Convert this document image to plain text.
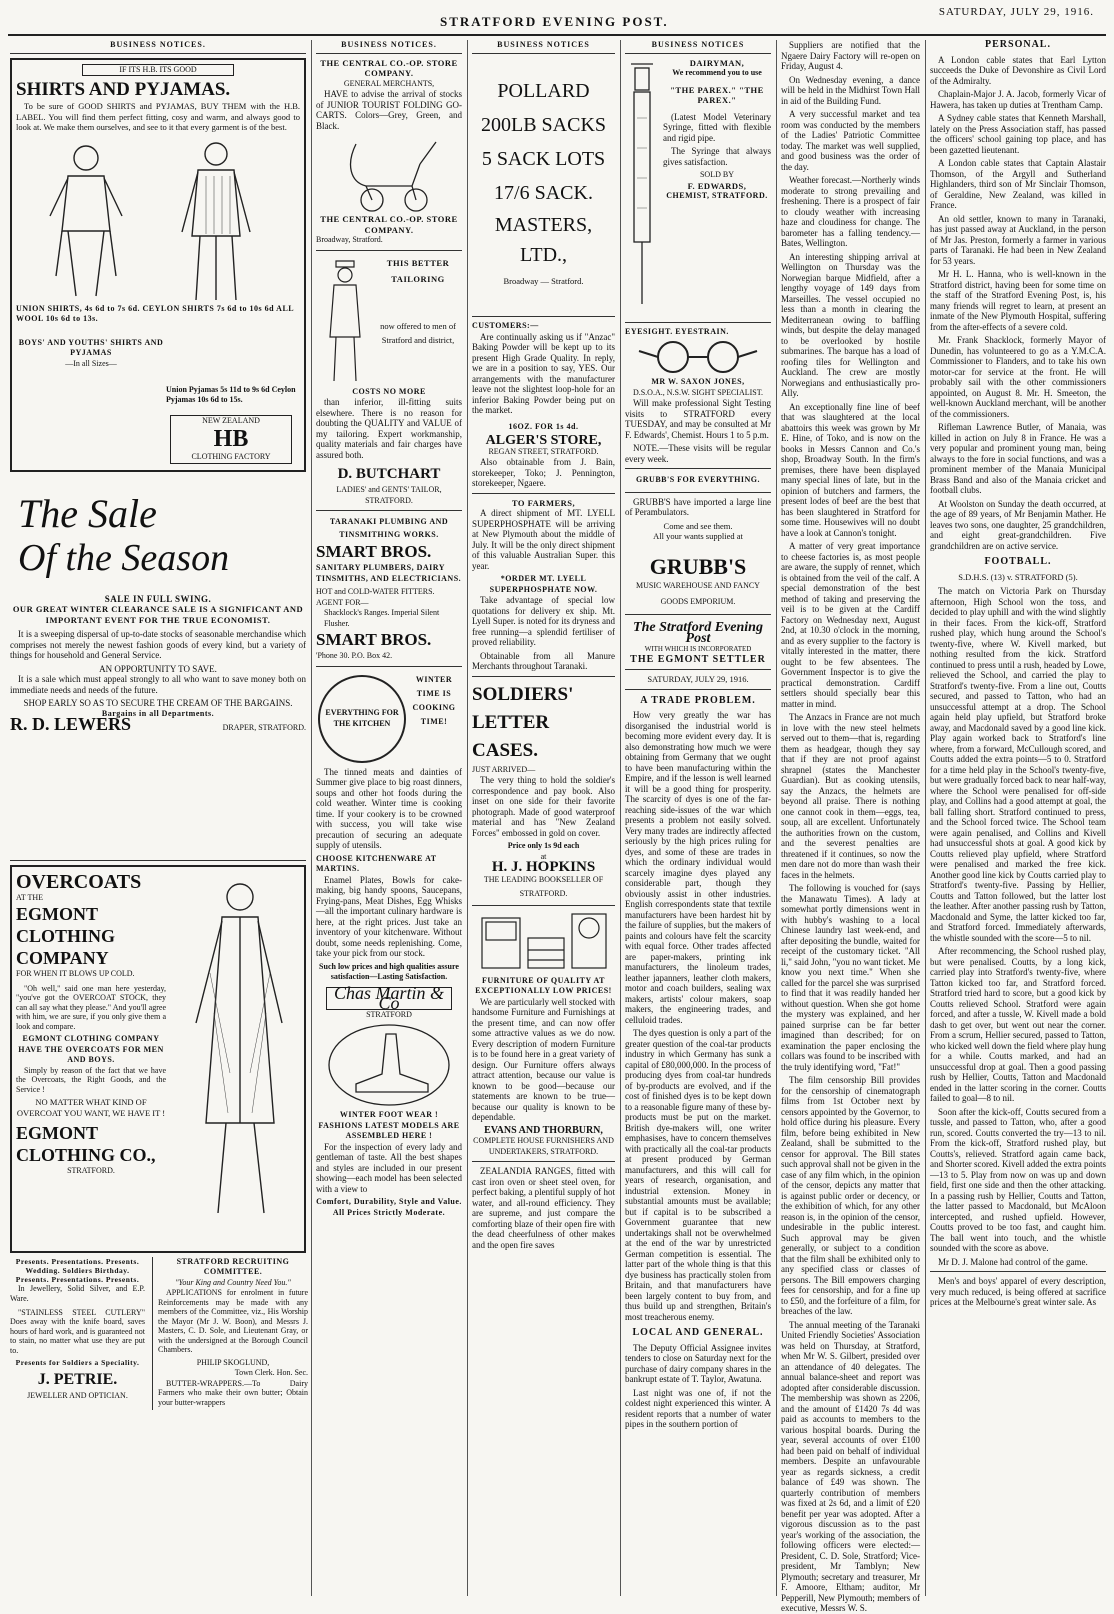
STRATFORD EVENING POST.
SATURDAY, JULY 29, 1916.
BUSINESS NOTICES.
IF ITS H.B. ITS GOOD
SHIRTS AND PYJAMAS.

To be sure of GOOD SHIRTS and PYJAMAS, BUY THEM with the H.B. LABEL. You will find them perfect fitting, cosy and warm, and always good to look at. We make them ourselves, and see to it that every garment is of the best.

UNION SHIRTS, 4s 6d to 7s 6d. CEYLON SHIRTS 7s 6d to 10s 6d ALL WOOL 10s 6d to 13s.
Union Pyjamas 5s 11d to 9s 6d Ceylon Pyjamas 10s 6d to 15s.
BOYS' AND YOUTHS' SHIRTS AND PYJAMAS
—In all Sizes—
NEW ZEALAND
HB
CLOTHING FACTORY
The Sale
Of the Season
SALE IN FULL SWING.
OUR GREAT WINTER CLEARANCE SALE IS A SIGNIFICANT AND IMPORTANT EVENT FOR THE TRUE ECONOMIST.

It is a sweeping dispersal of up-to-date stocks of seasonable merchandise which comprises not merely the newest fashion goods of every kind, but a variety of things for household and General Service.

AN OPPORTUNITY TO SAVE.

It is a sale which must appeal strongly to all who want to save money both on immediate needs and needs of the future.

SHOP EARLY SO AS TO SECURE THE CREAM OF THE BARGAINS.
Bargains in all Departments.
R. D. LEWERS	DRAPER, STRATFORD.
OVERCOATS
AT THE
EGMONT CLOTHING COMPANY
FOR WHEN IT BLOWS UP COLD.

"Oh well," said one man here yesterday, "you've got the OVERCOAT STOCK, they can all say what they please." And you'll agree with him, we are sure, if you only give them a look and compare.

EGMONT CLOTHING COMPANY HAVE THE OVERCOATS FOR MEN AND BOYS.

Simply by reason of the fact that we have the Overcoats, the Right Goods, and the Service !

NO MATTER WHAT KIND OF OVERCOAT YOU WANT, WE HAVE IT !
EGMONT CLOTHING CO.,
STRATFORD.
Presents. Presentations. Presents. Wedding. Soldiers Birthday. Presents. Presentations. Presents.

In Jewellery, Solid Silver, and E.P. Ware.

"STAINLESS STEEL CUTLERY" Does away with the knife board, saves hours of hard work, and is guaranteed not to stain, no matter what use they are put to.

Presents for Soldiers a Speciality.
J. PETRIE.
JEWELLER AND OPTICIAN.
STRATFORD RECRUITING COMMITTEE.
"Your King and Country Need You."

APPLICATIONS for enrolment in future Reinforcements may be made with any members of the Committee, viz., His Worship the Mayor (Mr J. W. Boon), and Messrs J. Masters, C. D. Sole, and Lieutenant Gray, or with the undersigned at the Borough Council Chambers.

PHILIP SKOGLUND,
Town Clerk. Hon. Sec.

BUTTER-WRAPPERS.—To Dairy Farmers who make their own butter; Obtain your butter-wrappers

BUSINESS NOTICES.
THE CENTRAL CO.-OP. STORE COMPANY.
GENERAL MERCHANTS,

HAVE to advise the arrival of stocks of JUNIOR TOURIST FOLDING GO-CARTS. Colors—Grey, Green, and Black.

THE CENTRAL CO.-OP. STORE COMPANY.
Broadway, Stratford.
THIS BETTER TAILORING
now offered to men of Stratford and district,
COSTS NO MORE

than inferior, ill-fitting suits elsewhere. There is no reason for doubting the QUALITY and VALUE of my tailoring. Expert workmanship, quality materials and fair charges have assured both.

D. BUTCHART
LADIES' and GENTS' TAILOR, STRATFORD.
TARANAKI PLUMBING AND TINSMITHING WORKS.
SMART BROS.
SANITARY PLUMBERS, DAIRY TINSMITHS, AND ELECTRICIANS.
HOT and COLD-WATER FITTERS.
AGENT FOR—
Shacklock's Ranges. Imperial Silent Flusher.
SMART BROS.
'Phone 30. P.O. Box 42.
EVERYTHING FOR THE KITCHEN
WINTER TIME IS COOKING TIME!

The tinned meats and dainties of Summer give place to big roast dinners, soups and other hot foods during the cold weather. Winter time is cooking time. If your cookery is to be crowned with success, you will take wise precaution of securing an adequate supply of utensils.

CHOOSE KITCHENWARE AT MARTINS.

Enamel Plates, Bowls for cake-making, big handy spoons, Saucepans, Frying-pans, Meat Dishes, Egg Whisks—all the important culinary hardware is here, at the right prices. Just take an inventory of your kitchenware. Without doubt, some needs replenishing. Come, take your pick from our stock.

Such low prices and high qualities assure satisfaction—Lasting Satisfaction.
Chas Martin & Co
STRATFORD
WINTER FOOT WEAR !
FASHIONS LATEST MODELS ARE ASSEMBLED HERE !

For the inspection of every lady and gentleman of taste. All the best shapes and styles are included in our present showing—each model has been selected with a view to

Comfort, Durability, Style and Value.
All Prices Strictly Moderate.
BUSINESS NOTICES
POLLARD
200LB SACKS
5 SACK LOTS
17/6 SACK.
MASTERS, LTD.,
Broadway — Stratford.
CUSTOMERS:—

Are continually asking us if "Anzac" Baking Powder will be kept up to its present High Grade Quality. In reply, we are in a position to say, YES. Our arrangements with the manufacturer leave not the slightest loop-hole for an inferior Baking Powder being put on the market.

16OZ. FOR 1s 4d.
ALGER'S STORE,
REGAN STREET, STRATFORD.

Also obtainable from J. Bain, storekeeper, Toko; J. Pennington, storekeeper, Ngaere.

TO FARMERS,

A direct shipment of MT. LYELL SUPERPHOSPHATE will be arriving at New Plymouth about the middle of July. It will be the only direct shipment of this valuable Australian Super. this year.

*ORDER MT. LYELL SUPERPHOSPHATE NOW.

Take advantage of special low quotations for delivery ex ship. Mt. Lyell Super. is noted for its dryness and free running—a splendid fertiliser of proved reliability.

Obtainable from all Manure Merchants throughout Taranaki.

SOLDIERS' LETTER CASES.
JUST ARRIVED—

The very thing to hold the soldier's correspondence and pay book. Also inset on one side for their favorite photograph. Made of good waterproof material and has "New Zealand Forces" embossed in gold on cover.

Price only 1s 9d each
at
H. J. HOPKINS
THE LEADING BOOKSELLER OF STRATFORD.
FURNITURE OF QUALITY AT EXCEPTIONALLY LOW PRICES!

We are particularly well stocked with handsome Furniture and Furnishings at the present time, and can now offer some attractive values as we do now. Every description of modern Furniture is to be found here in a great variety of design. Our Furniture offers always attract attention, because our value is known to be good—because our statements are known to be true—because our quality is known to be dependable.

EVANS AND THORBURN,
COMPLETE HOUSE FURNISHERS AND UNDERTAKERS, STRATFORD.

ZEALANDIA RANGES, fitted with cast iron oven or sheet steel oven, for perfect baking, a plentiful supply of hot water, and all-round efficiency. They are supreme, and just compare the comforting blaze of their open fire with the dead cheerfulness of other makes and the open fire saves

BUSINESS NOTICES
DAIRYMAN,
We recommend you to use
"THE PAREX." "THE PAREX."

(Latest Model Veterinary Syringe, fitted with flexible and rigid pipe.

The Syringe that always gives satisfaction.

SOLD BY
F. EDWARDS,
CHEMIST, STRATFORD.
EYESIGHT. EYESTRAIN.
MR W. SAXON JONES,
D.S.O.A., N.S.W. SIGHT SPECIALIST.

Will make professional Sight Testing visits to STRATFORD every TUESDAY, and may be consulted at Mr F. Edwards', Chemist. Hours 1 to 5 p.m.

NOTE.—These visits will be regular every week.

GRUBB'S FOR EVERYTHING.

GRUBB'S have imported a large line of Perambulators.

Come and see them.
All your wants supplied at
GRUBB'S
MUSIC WAREHOUSE AND FANCY GOODS EMPORIUM.
The Stratford Evening Post
WITH WHICH IS INCORPORATED
THE EGMONT SETTLER
SATURDAY, JULY 29, 1916.
A TRADE PROBLEM.

How very greatly the war has disorganised the industrial world is becoming more evident every day. It is also demonstrating how much we were obtaining from Germany that we ought to have been manufacturing within the Empire, and if the lesson is well learned it will be a good thing for prosperity. The scarcity of dyes is one of the far-reaching side-issues of the war which presents a problem not easily solved. Very many trades are indirectly affected seriously by the high prices ruling for dyes, and some of these are trades in which the ordinary individual would scarcely imagine dyes played any considerable part, though they obviously assist in other industries. English correspondents state that textile manufacturers have been hardest hit by the failure of supplies, but the makers of paints and colours have felt the scarcity with equal force. Other trades affected are paper-makers, printing ink manufacturers, the linoleum trades, leather japanners, leather cloth makers, motor and coach builders, sealing wax makers, artists' colour makers, soap makers, the engineering trades, and celluloid trades.

The dyes question is only a part of the greater question of the coal-tar products industry in which Germany has sunk a capital of £80,000,000. In the process of producing dyes from coal-tar hundreds of by-products are evolved, and if the cost of finished dyes is to be kept down to a reasonable figure many of these by-products must be put on the market. British dye-makers will, one writer emphasises, have to concern themselves with practically all the coal-tar products at present produced by German manufacturers, and this will call for years of research, organisation, and industrial extension. Money in substantial amounts must be available; but if capital is to be subscribed a Government guarantee that new undertakings shall not be overwhelmed at the end of the war by unrestricted German competition is essential. The latter part of the whole thing is that this dye business has practically stolen from Britain, and that manufacturers have been largely content to buy from, and thus build up and strengthen, Britain's most treacherous enemy.

LOCAL AND GENERAL.

The Deputy Official Assignee invites tenders to close on Saturday next for the purchase of dairy company shares in the bankrupt estate of T. Taylor, Awatuna.

Last night was one of, if not the coldest night experienced this winter. A resident reports that a number of water pipes in the southern portion of

Suppliers are notified that the Ngaere Dairy Factory will re-open on Friday, August 4.

On Wednesday evening, a dance will be held in the Midhirst Town Hall in aid of the Building Fund.

A very successful market and tea room was conducted by the members of the Ladies' Patriotic Committee today. The market was well supplied, and good business was the order of the day.

Weather forecast.—Northerly winds moderate to strong prevailing and freshening. There is a prospect of fair to cloudy weather with increasing haze and cloudiness for change. The barometer has a falling tendency.—Bates, Wellington.

An interesting shipping arrival at Wellington on Thursday was the Norwegian barque Midfield, after a lengthy voyage of 149 days from Marseilles. The vessel occupied no less than a month in clearing the Mediterranean owing to baffling winds, but despite the delay managed to be overlooked by hostile submarines. The barque has a load of roofing tiles for Wellington and Auckland. The crew are mostly Norwegians and enthusiastically pro-Ally.

An exceptionally fine line of beef that was slaughtered at the local abattoirs this week was grown by Mr E. Hine, of Toko, and is now on the books in Messrs Cannon and Co.'s shop, Broadway South. In the firm's premises, there have been displayed many special lines of late, but in the opinion of butchers and farmers, the present lodes of beef are the best that has been slaughtered in Stratford for some time. Housewives will no doubt have a look at Cannon's tonight.

A matter of very great importance to cheese factories is, as most people are aware, the supply of rennet, which is obtained from the veil of the calf. A special demonstration of the best method of taking and preserving the veil is to be given at the Cardiff Factory on Wednesday next, August 2nd, at 10.30 o'clock in the morning, and as every supplier to the factory is vitally interested in the matter, there ought to be few absentees. The Government Inspector is to give the practical demonstration. Cardiff settlers should specially bear this matter in mind.

The Anzacs in France are not much in love with the new steel helmets served out to them—that is, regarding them as headgear, though they say that if they are not proof against shrapnel (states the Manchester Guardian). But as cooking utensils, say the Anzacs, the helmets are beyond all praise. There is nothing one cannot cook in them—eggs, tea, soup, all are excellent. Unfortunately the authorities frown on the custom, and the severest penalties are threatened if it continues, so now the men dare not do more than wash their faces in the helmets.

The following is vouched for (says the Manawatu Times). A lady at somewhat portly dimensions went in with hubby's washing to a local Chinese laundry last week-end, and after depositing the bundle, waited for receipt of the customary ticket. "All li," said John, "you no want ticket. Me know you next time." When she called for the parcel she was surprised to find that it was readily handed her without question. When she got home the mystery was explained, and her pained surprise can be far better imagined than described; for on examination the paper enclosing the collars was found to be inscribed with the truly identifying word, "Fat!"

The film censorship Bill provides for the censorship of cinematograph films from 1st October next by censors appointed by the Governor, to hold office during his pleasure. Every film, before being exhibited in New Zealand, shall be submitted to the censor for approval. The Bill states such approval shall not be given in the case of any film which, in the opinion of the censor, depicts any matter that is against public order or decency, or the exhibition of which, for any other reason is, in the opinion of the censor, undesirable in the public interest. Such approval may be given generally, or subject to a condition that the film shall be exhibited only to any specified class or classes of persons. The Bill empowers charging fees for censorship, and for a fine up to £50, and the forfeiture of a film, for breaches of the law.

The annual meeting of the Taranaki United Friendly Societies' Association was held on Thursday, at Stratford, when Mr W. S. Gilbert, presided over an attendance of 40 delegates. The annual balance-sheet and report was adopted after considerable discussion. The membership was shown as 2206, and the amount of £1420 7s 4d was paid as accounts to members to the various hospital boards. During the year, several accounts of over £100 had been paid on behalf of individual members. Despite an unfavourable year as regards sickness, a credit balance of £49 was shown. The quarterly contribution of members was fixed at 2s 6d, and a limit of £20 benefit per year was adopted. After a vigorous discussion as to the past year's working of the association, the following officers were elected:—President, C. D. Sole, Stratford; Vice-president, Mr Tamblyn; New Plymouth; secretary and treasurer, Mr F. Amoore, Eltham; auditor, Mr Pepperill, New Plymouth; members of executive, Messrs W. S.

PERSONAL.

A London cable states that Earl Lytton succeeds the Duke of Devonshire as Civil Lord of the Admiralty.

Chaplain-Major J. A. Jacob, formerly Vicar of Hawera, has taken up duties at Trentham Camp.

A Sydney cable states that Kenneth Marshall, lately on the Press Association staff, has passed the officers' school gaining top place, and has been gazetted lieutenant.

A London cable states that Captain Alastair Thomson, of the Argyll and Sutherland Highlanders, third son of Mr Sinclair Thomson, of Geraldine, New Zealand, was killed in France.

An old settler, known to many in Taranaki, has just passed away at Auckland, in the person of Mr Jas. Preston, formerly a farmer in various parts of Taranaki. He had been in New Zealand for 53 years.

Mr H. L. Hanna, who is well-known in the Stratford district, having been for some time on the staff of the Stratford Evening Post, is, his many friends will regret to learn, at present an inmate of the New Plymouth Hospital, suffering from the after-effects of a severe cold.

Mr. Frank Shacklock, formerly Mayor of Dunedin, has volunteered to go as a Y.M.C.A. Commissioner to Flanders, and to take his own motor-car for service at the front. He will probably sail with the other commissioners appointed, on August 8. Mr. H. Smeeton, the well-known Auckland merchant, will be another of the commissioners.

Rifleman Lawrence Butler, of Manaia, was killed in action on July 8 in France. He was a very popular and prominent young man, being always to the fore in social functions, and was a prominent member of the Manaia Municipal Brass Band and also of the Manaia cricket and football clubs.

At Woolston on Sunday the death occurred, at the age of 89 years, of Mr Benjamin Mather. He leaves two sons, one daughter, 25 grandchildren, and eight great-grandchildren. Five grandchildren are on active service.

FOOTBALL.
S.D.H.S. (13) v. STRATFORD (5).

The match on Victoria Park on Thursday afternoon, High School won the toss, and decided to play uphill and with the wind slightly in their faces. From the kick-off, Stratford rushed play, which hung around the School's twenty-five, where W. Kivell marked, but nothing resulted from the kick. Stratford continued to press until a rush, headed by Lowe, relieved the School, and carried the play to Stratford's twenty-five. From a line out, Coutts secured, and passed to Tatton, who had an unsuccessful attempt at a drop. The School again held play upfield, but Stratford broke away, and Macdonald saved by a good line kick. Play again worked back to Stratford's line where, from a forward, McCullough scored, and Coutts added the extra points—5 to 0. Stratford for a time held play in the School's twenty-five, but were gradually forced back to near half-way, where the School were penalised for off-side play, and Collins had a good attempt at goal, the ball falling short. Stratford continued to press, and the School forced twice. The School team were again penalised, and Collins and Kivell had unsuccessful shots at goal. A good kick by Coutts relieved play upfield, where Stratford were penalised and marked the free kick. Another good line kick by Coutts carried play to Stratford's twenty-five. Passing by Hellier, Coutts and Tatton followed, but the latter lost the leather. After another passing rush by Tatton, Macdonald and Syme, the latter kicked too far, and Stratford forced. Immediately afterwards, the whistle sounded with the score—5 to nil.

After recommencing, the School rushed play, but were penalised. Coutts, by a long kick, carried play into Stratford's twenty-five, where Tatton kicked too far, and Stratford forced. Stratford tried hard to score, but a good kick by Coutts relieved School. Stratford were again forced, and after a tussle, W. Kivell made a bold dash to get over, but went out near the corner. From a scrum, Hellier secured, passed to Tatton, who kicked well down the field where play hung for a while. Coutts marked, and had an unsuccessful drop at goal. Then a good passing rush by Hellier, Coutts, Tatton and Macdonald ended in the latter scoring in the corner. Coutts failed to goal—8 to nil.

Soon after the kick-off, Coutts secured from a tussle, and passed to Tatton, who, after a good run, scored. Coutts converted the try—13 to nil. From the kick-off, Stratford rushed play, but Coutts's, relieved. Stratford again came back, and Shorter scored. Kivell added the extra points—13 to 5. Play from now on was up and down field, first one side and then the other attacking. In a passing rush by Hellier, Coutts and Tatton, the latter passed to Macdonald, but McAloon intercepted, and rushed upfield. However, Coutts proved to be too fast, and caught him. The ball went into touch, and the whistle sounded with the score as above.

Mr D. J. Malone had control of the game.

Men's and boys' apparel of every description, very much reduced, is being offered at sacrifice prices at the Melbourne's great winter sale. As
